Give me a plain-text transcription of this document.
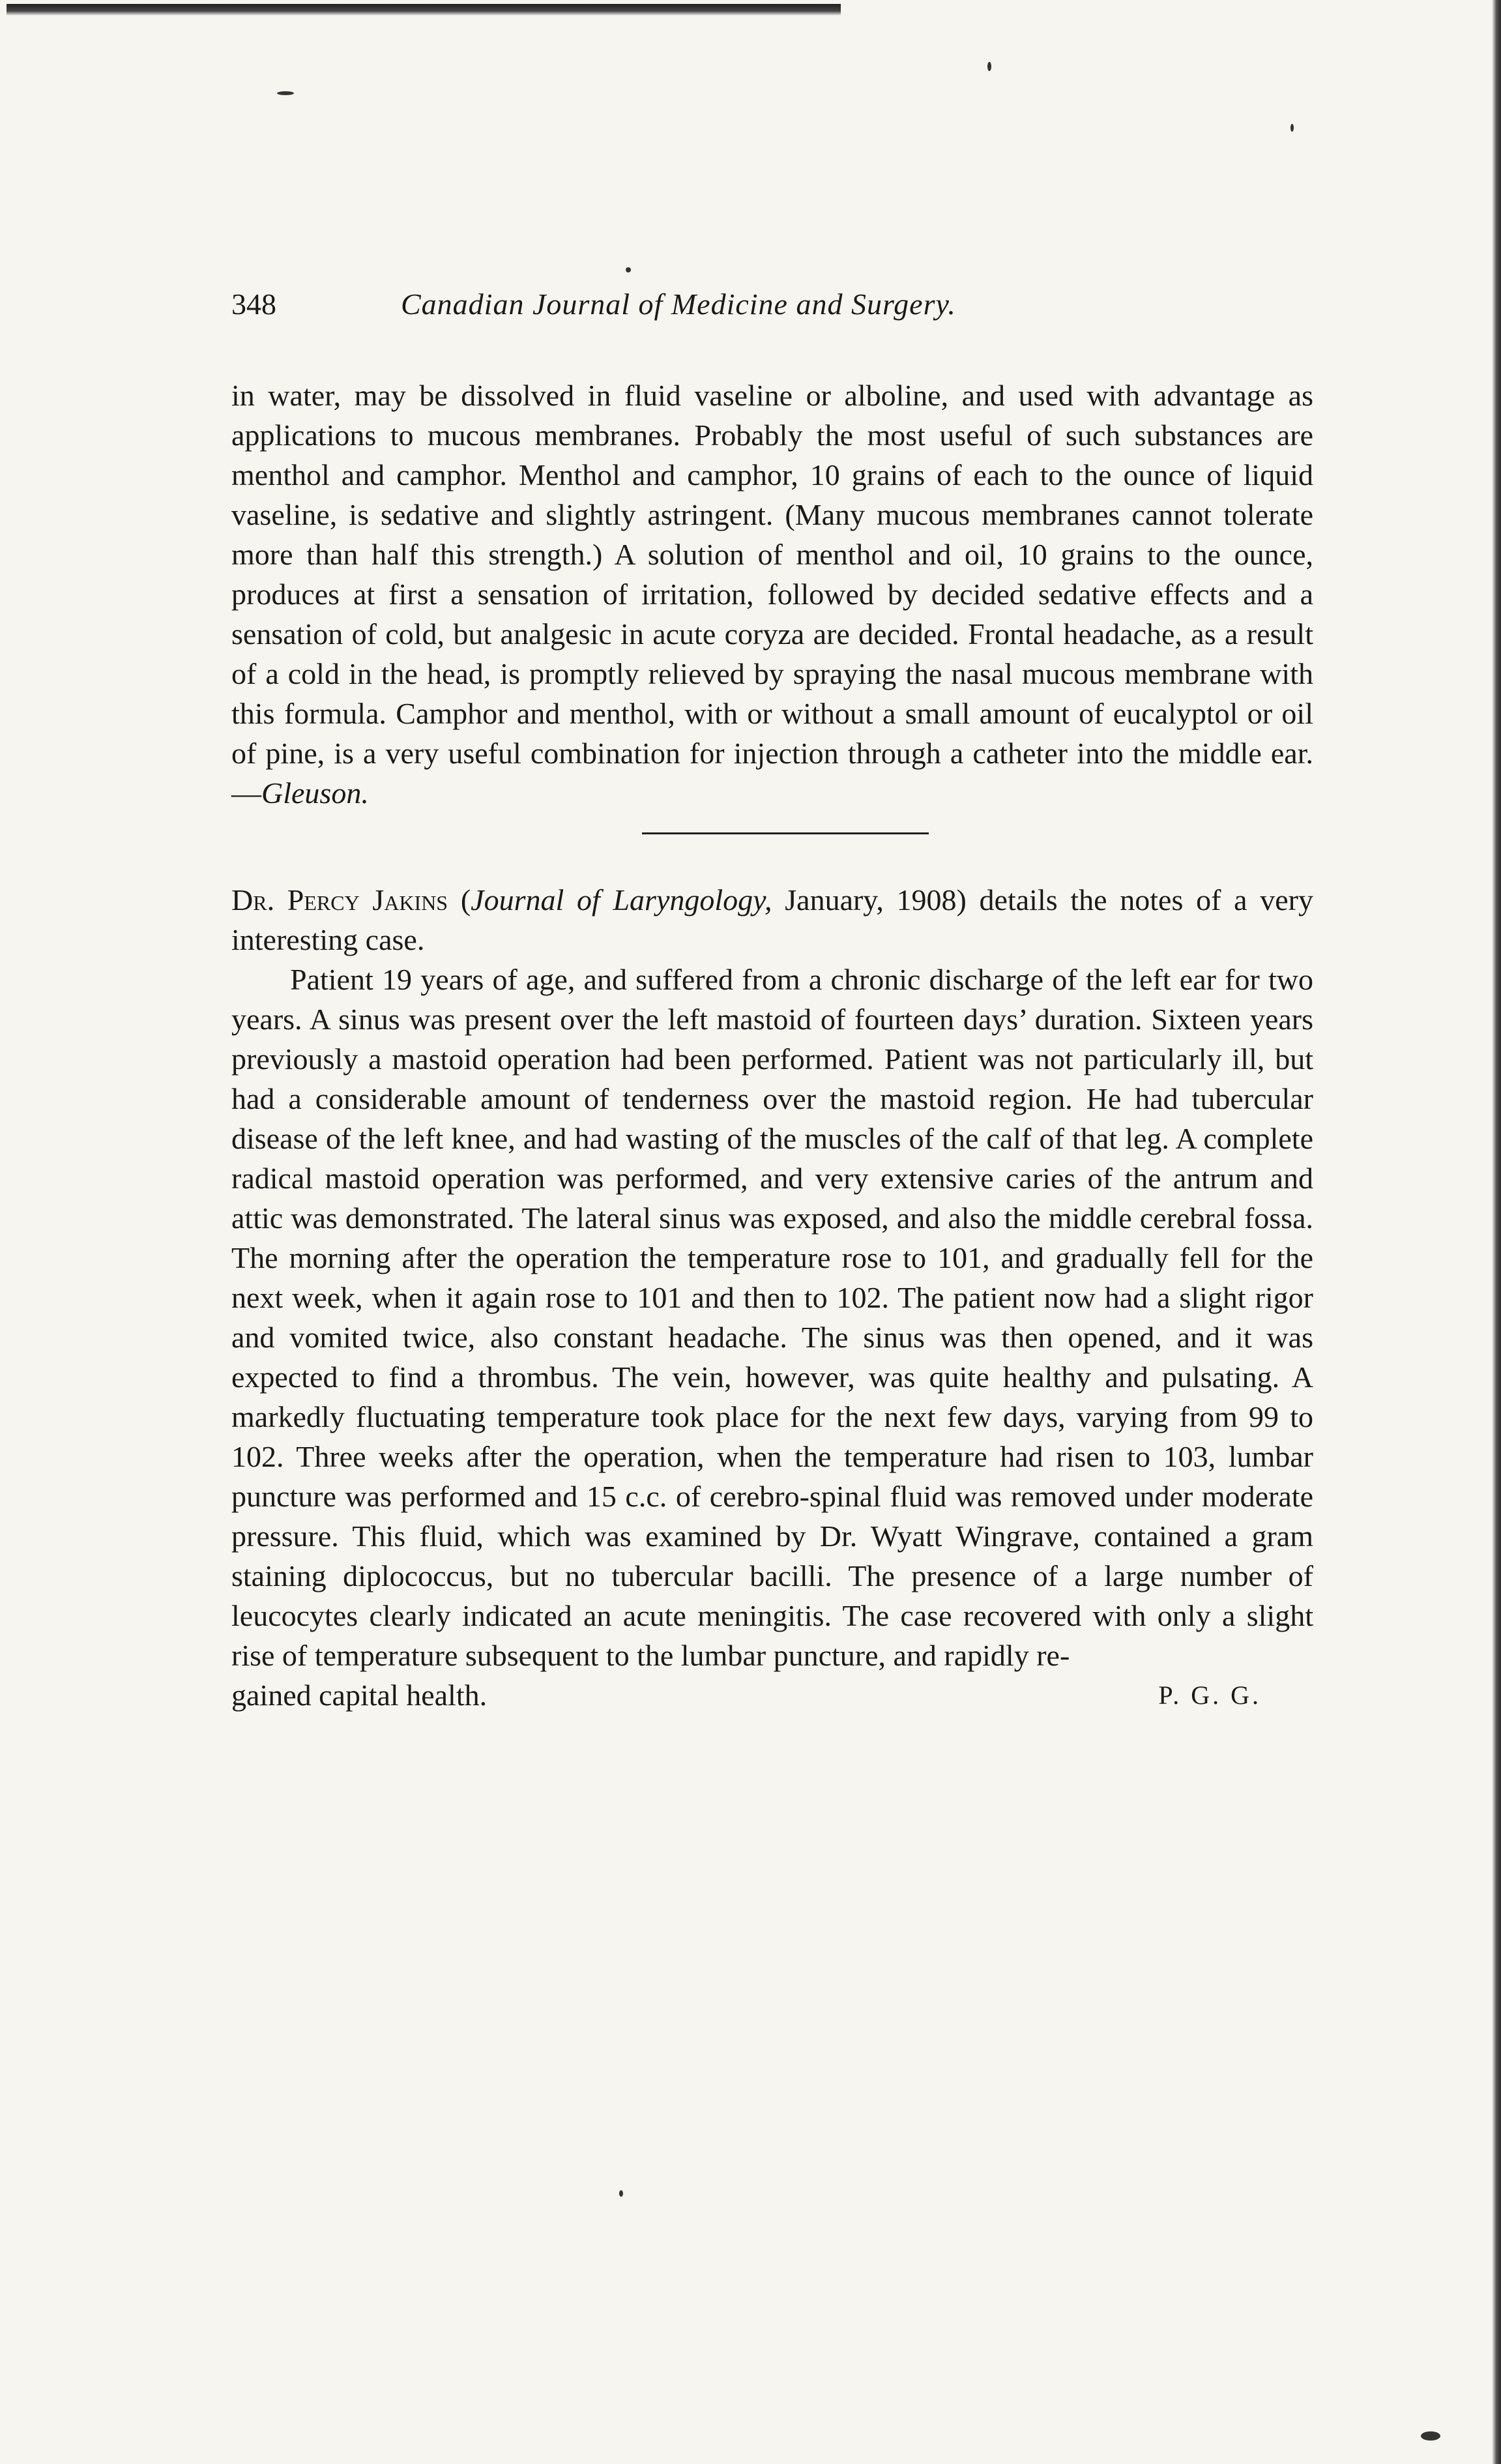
348	Canadian Journal of Medicine and Surgery.

in water, may be dissolved in fluid vaseline or alboline, and used with advantage as applications to mucous membranes. Probably the most useful of such substances are menthol and camphor. Menthol and camphor, 10 grains of each to the ounce of liquid vaseline, is sedative and slightly astringent. (Many mucous membranes cannot tolerate more than half this strength.) A solution of menthol and oil, 10 grains to the ounce, produces at first a sensation of irritation, followed by decided sedative effects and a sensation of cold, but analgesic in acute coryza are decided. Frontal headache, as a result of a cold in the head, is promptly relieved by spraying the nasal mucous membrane with this formula. Camphor and menthol, with or without a small amount of eucalyptol or oil of pine, is a very useful combination for injection through a catheter into the middle ear.—Gleuson.

Dr. Percy Jakins (Journal of Laryngology, January, 1908) details the notes of a very interesting case.

Patient 19 years of age, and suffered from a chronic discharge of the left ear for two years. A sinus was present over the left mastoid of fourteen days’ duration. Sixteen years previously a mastoid operation had been performed. Patient was not particularly ill, but had a considerable amount of tenderness over the mastoid region. He had tubercular disease of the left knee, and had wasting of the muscles of the calf of that leg. A complete radical mastoid operation was performed, and very extensive caries of the antrum and attic was demonstrated. The lateral sinus was exposed, and also the middle cerebral fossa. The morning after the operation the temperature rose to 101, and gradually fell for the next week, when it again rose to 101 and then to 102. The patient now had a slight rigor and vomited twice, also constant headache. The sinus was then opened, and it was expected to find a thrombus. The vein, however, was quite healthy and pulsating. A markedly fluctuating temperature took place for the next few days, varying from 99 to 102. Three weeks after the operation, when the temperature had risen to 103, lumbar puncture was performed and 15 c.c. of cerebro-spinal fluid was removed under moderate pressure. This fluid, which was examined by Dr. Wyatt Wingrave, contained a gram staining diplococcus, but no tubercular bacilli. The presence of a large number of leucocytes clearly indicated an acute meningitis. The case recovered with only a slight rise of temperature subsequent to the lumbar puncture, and rapidly re-

gained capital health.	P. G. G.
